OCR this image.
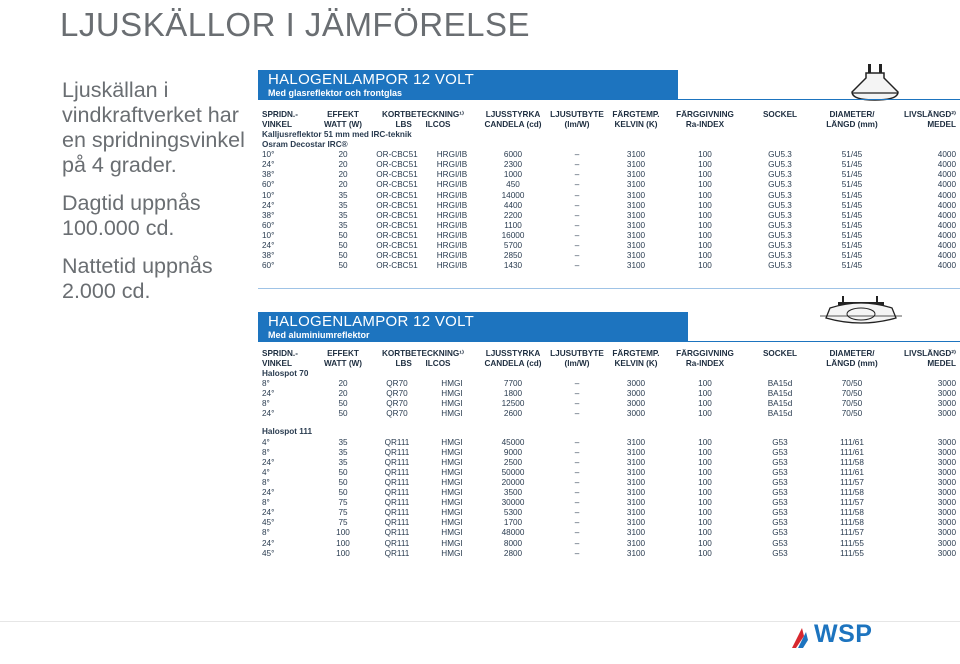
LJUSKÄLLOR I JÄMFÖRELSE

Ljuskällan i vindkraftverket har en spridningsvinkel på 4 grader.

Dagtid uppnås 100.000 cd.

Nattetid uppnås 2.000 cd.

HALOGENLAMPOR 12 VOLT
Med glasreflektor och frontglas
SPRIDN.-
VINKEL	EFFEKT
WATT (W)	KORTBETECKNING¹⁾
LBS ILCOS		LJUSSTYRKA
CANDELA (cd)	LJUSUTBYTE
(lm/W)	FÄRGTEMP.
KELVIN (K)	FÄRGGIVNING
Ra-INDEX	SOCKEL	DIAMETER/
LÄNGD (mm)	LIVSLÄNGD²⁾
MEDEL
Kalljusreflektor 51 mm med IRC-teknik										
Osram Decostar IRC®										
10°	20	OR-CBC51	HRGI/IB	6000	–	3100	100	GU5.3	51/45	4000
24°	20	OR-CBC51	HRGI/IB	2300	–	3100	100	GU5.3	51/45	4000
38°	20	OR-CBC51	HRGI/IB	1000	–	3100	100	GU5.3	51/45	4000
60°	20	OR-CBC51	HRGI/IB	450	–	3100	100	GU5.3	51/45	4000
10°	35	OR-CBC51	HRGI/IB	14000	–	3100	100	GU5.3	51/45	4000
24°	35	OR-CBC51	HRGI/IB	4400	–	3100	100	GU5.3	51/45	4000
38°	35	OR-CBC51	HRGI/IB	2200	–	3100	100	GU5.3	51/45	4000
60°	35	OR-CBC51	HRGI/IB	1100	–	3100	100	GU5.3	51/45	4000
10°	50	OR-CBC51	HRGI/IB	16000	–	3100	100	GU5.3	51/45	4000
24°	50	OR-CBC51	HRGI/IB	5700	–	3100	100	GU5.3	51/45	4000
38°	50	OR-CBC51	HRGI/IB	2850	–	3100	100	GU5.3	51/45	4000
60°	50	OR-CBC51	HRGI/IB	1430	–	3100	100	GU5.3	51/45	4000
HALOGENLAMPOR 12 VOLT
Med aluminiumreflektor
SPRIDN.-
VINKEL	EFFEKT
WATT (W)	KORTBETECKNING¹⁾
LBS ILCOS		LJUSSTYRKA
CANDELA (cd)	LJUSUTBYTE
(lm/W)	FÄRGTEMP.
KELVIN (K)	FÄRGGIVNING
Ra-INDEX	SOCKEL	DIAMETER/
LÄNGD (mm)	LIVSLÄNGD²⁾
MEDEL
Halospot 70										
8°	20	QR70	HMGI	7700	–	3000	100	BA15d	70/50	3000
24°	20	QR70	HMGI	1800	–	3000	100	BA15d	70/50	3000
8°	50	QR70	HMGI	12500	–	3000	100	BA15d	70/50	3000
24°	50	QR70	HMGI	2600	–	3000	100	BA15d	70/50	3000

Halospot 111										
4°	35	QR111	HMGI	45000	–	3100	100	G53	111/61	3000
8°	35	QR111	HMGI	9000	–	3100	100	G53	111/61	3000
24°	35	QR111	HMGI	2500	–	3100	100	G53	111/58	3000
4°	50	QR111	HMGI	50000	–	3100	100	G53	111/61	3000
8°	50	QR111	HMGI	20000	–	3100	100	G53	111/57	3000
24°	50	QR111	HMGI	3500	–	3100	100	G53	111/58	3000
8°	75	QR111	HMGI	30000	–	3100	100	G53	111/57	3000
24°	75	QR111	HMGI	5300	–	3100	100	G53	111/58	3000
45°	75	QR111	HMGI	1700	–	3100	100	G53	111/58	3000
8°	100	QR111	HMGI	48000	–	3100	100	G53	111/57	3000
24°	100	QR111	HMGI	8000	–	3100	100	G53	111/55	3000
45°	100	QR111	HMGI	2800	–	3100	100	G53	111/55	3000
WSP
